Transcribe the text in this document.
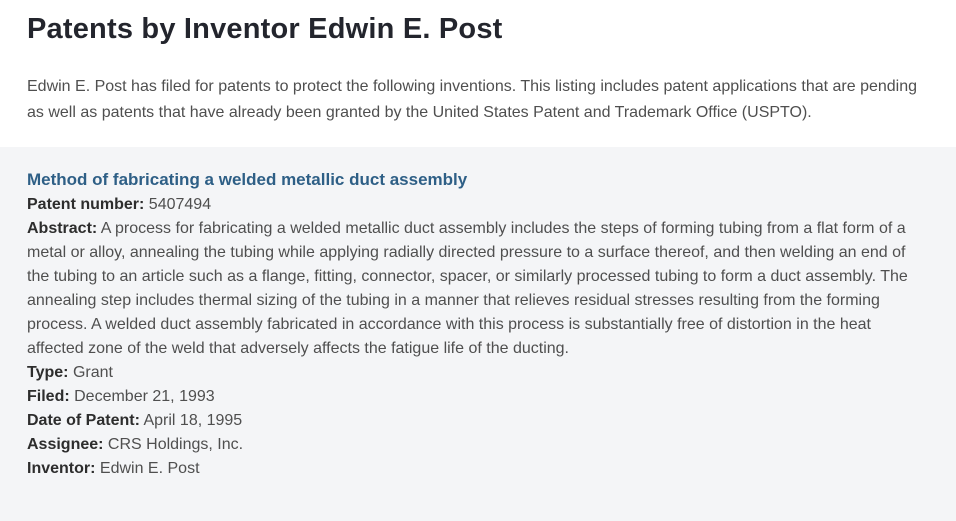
Patents by Inventor Edwin E. Post

Edwin E. Post has filed for patents to protect the following inventions. This listing includes patent applications that are pending as well as patents that have already been granted by the United States Patent and Trademark Office (USPTO).

Method of fabricating a welded metallic duct assembly

Patent number: 5407494

Abstract: A process for fabricating a welded metallic duct assembly includes the steps of forming tubing from a flat form of a metal or alloy, annealing the tubing while applying radially directed pressure to a surface thereof, and then welding an end of the tubing to an article such as a flange, fitting, connector, spacer, or similarly processed tubing to form a duct assembly. The annealing step includes thermal sizing of the tubing in a manner that relieves residual stresses resulting from the forming process. A welded duct assembly fabricated in accordance with this process is substantially free of distortion in the heat affected zone of the weld that adversely affects the fatigue life of the ducting.

Type: Grant

Filed: December 21, 1993

Date of Patent: April 18, 1995

Assignee: CRS Holdings, Inc.

Inventor: Edwin E. Post
